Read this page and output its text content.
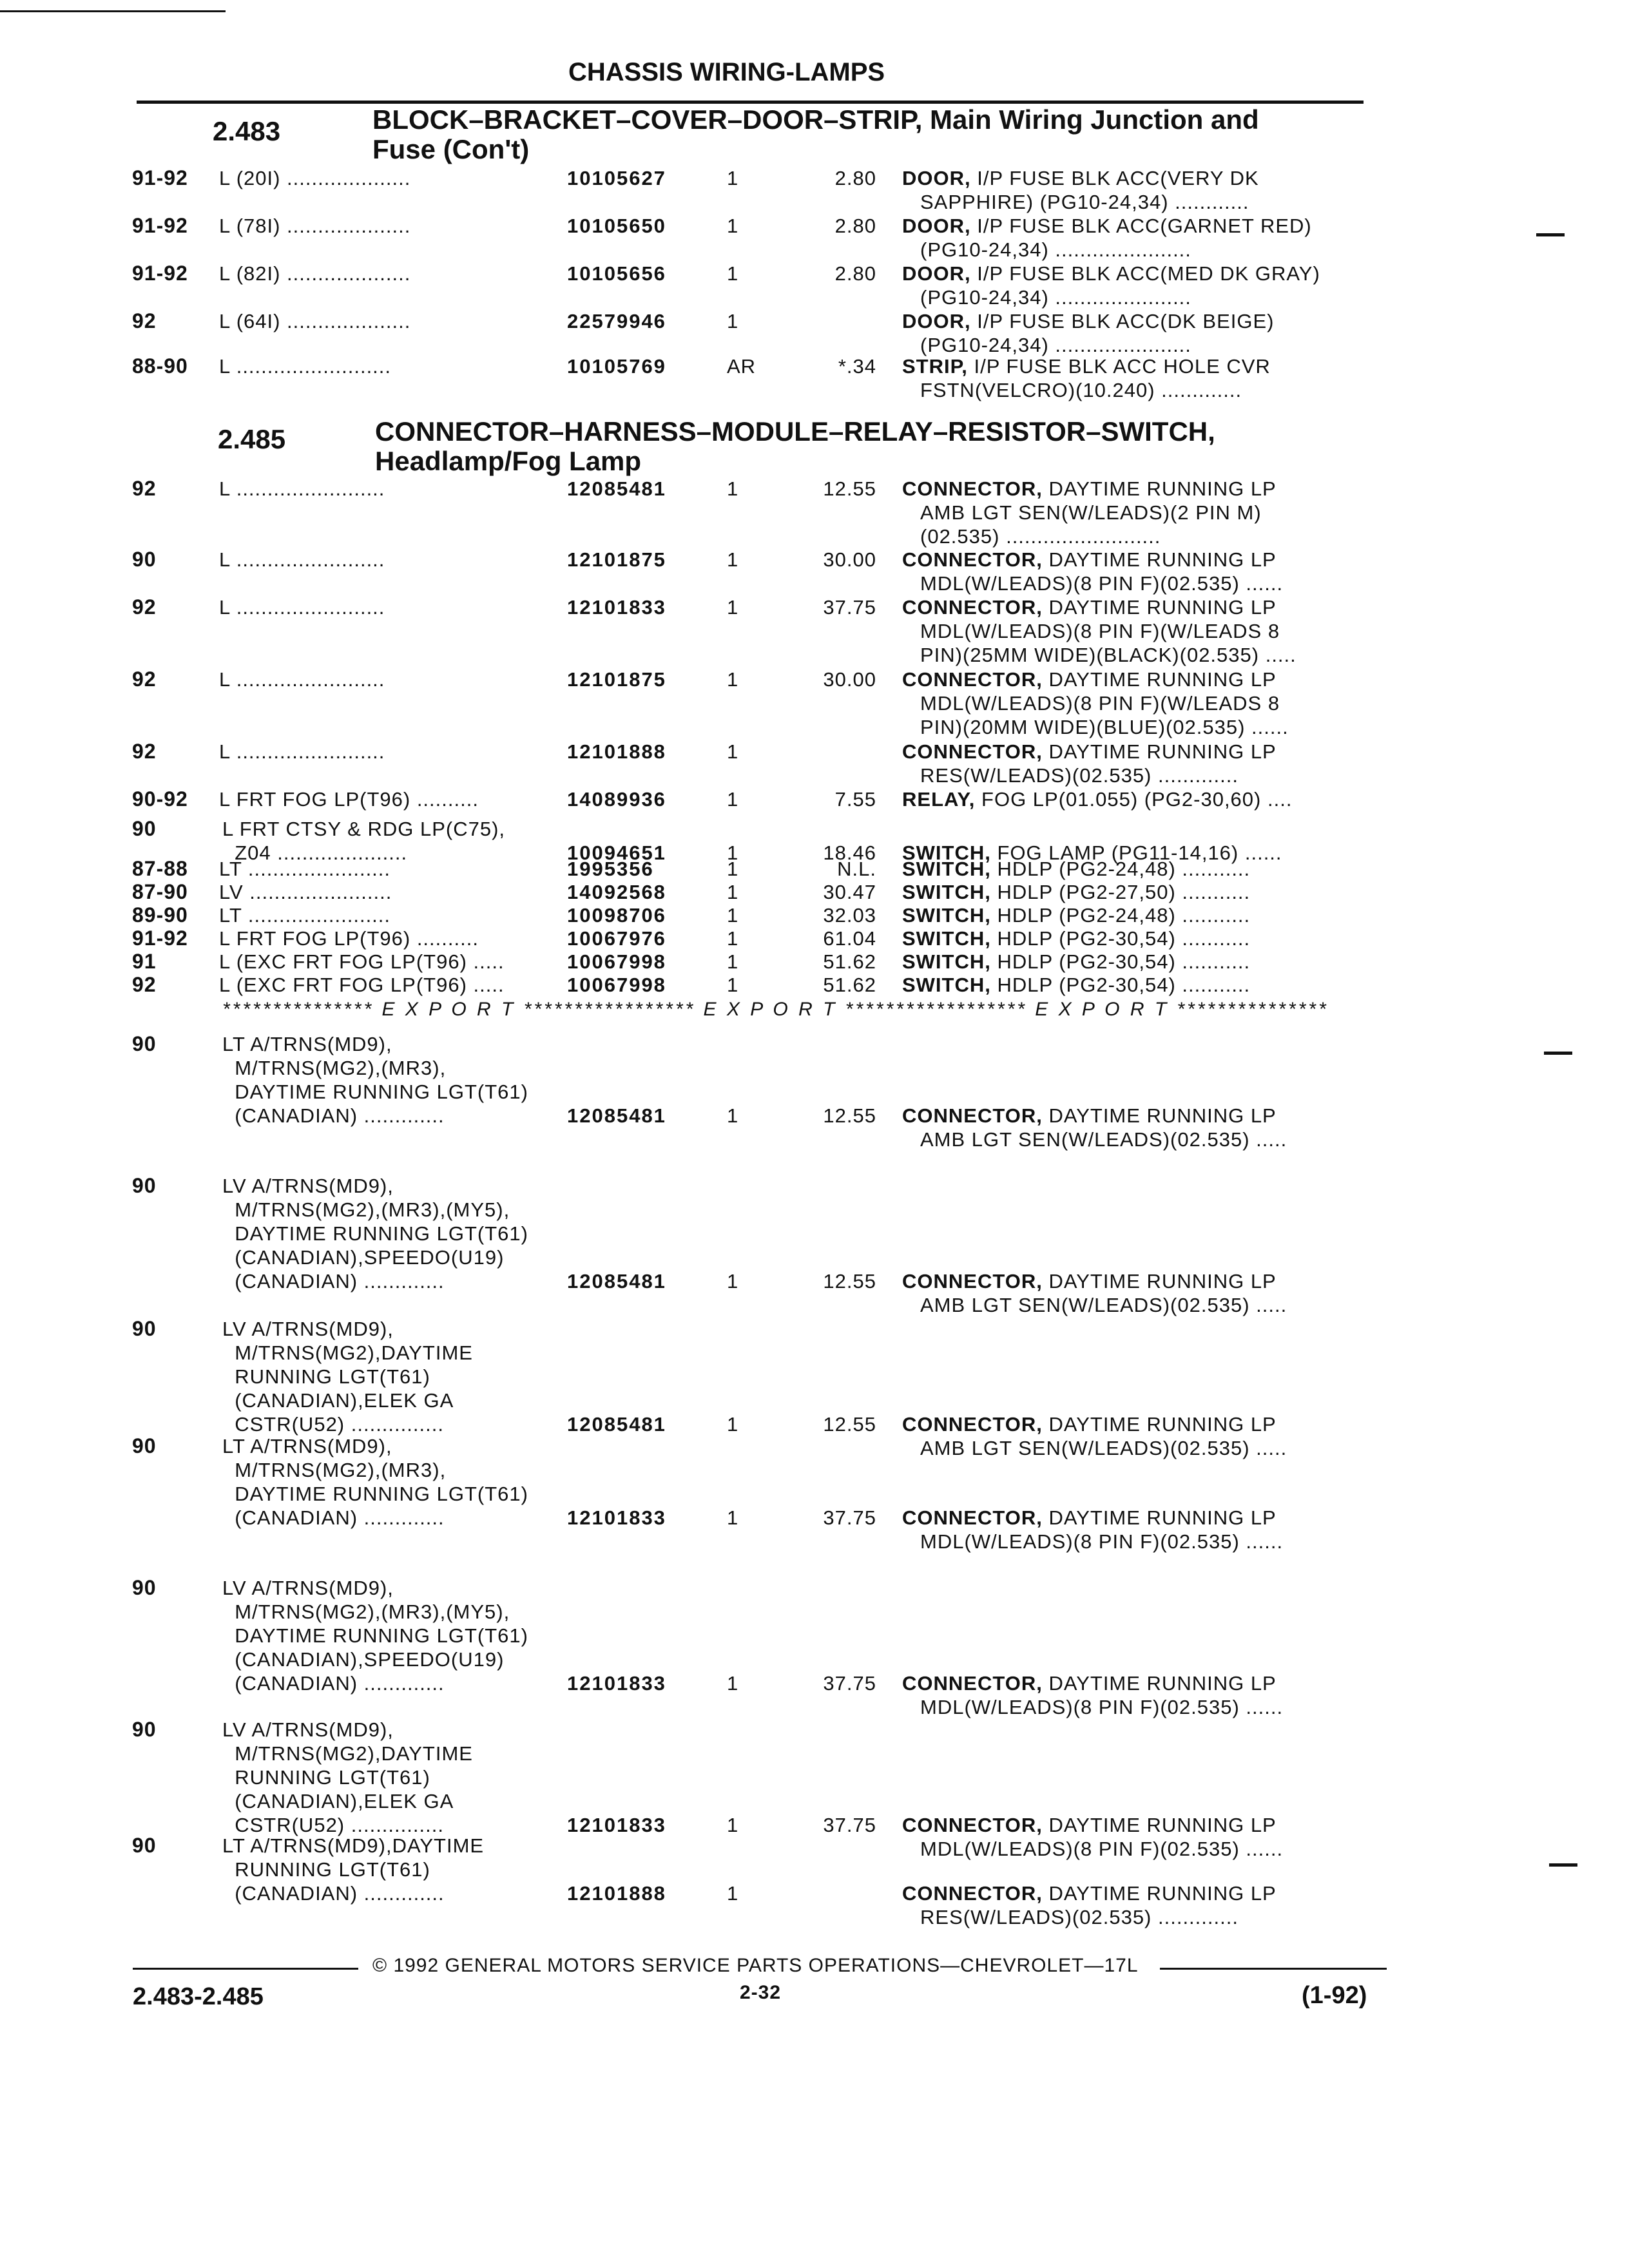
CHASSIS WIRING-LAMPS
2.483	BLOCK–BRACKET–COVER–DOOR–STRIP, Main Wiring Junction and
Fuse (Con't)
2.485	CONNECTOR–HARNESS–MODULE–RELAY–RESISTOR–SWITCH,
Headlamp/Fog Lamp
91-92 L (20I) ....................	10105627	1	2.80 DOOR, I/P FUSE BLK ACC(VERY DK
SAPPHIRE) (PG10-24,34) ............
91-92 L (78I) ....................	10105650	1	2.80 DOOR, I/P FUSE BLK ACC(GARNET RED)
(PG10-24,34) ......................
91-92 L (82I) ....................	10105656	1	2.80 DOOR, I/P FUSE BLK ACC(MED DK GRAY)
(PG10-24,34) ......................
92	L (64I) ....................	22579946	1	DOOR, I/P FUSE BLK ACC(DK BEIGE)
(PG10-24,34) ......................
88-90 L .........................	10105769	AR	*.34 STRIP, I/P FUSE BLK ACC HOLE CVR
FSTN(VELCRO)(10.240) .............
92	L ........................	12085481	1	12.55 CONNECTOR, DAYTIME RUNNING LP
AMB LGT SEN(W/LEADS)(2 PIN M)
(02.535) .........................
90	L ........................	12101875	1	30.00 CONNECTOR, DAYTIME RUNNING LP
MDL(W/LEADS)(8 PIN F)(02.535) ......
92	L ........................	12101833	1	37.75 CONNECTOR, DAYTIME RUNNING LP
MDL(W/LEADS)(8 PIN F)(W/LEADS 8
PIN)(25MM WIDE)(BLACK)(02.535) .....
92	L ........................	12101875	1	30.00 CONNECTOR, DAYTIME RUNNING LP
MDL(W/LEADS)(8 PIN F)(W/LEADS 8
PIN)(20MM WIDE)(BLUE)(02.535) ......
92	L ........................	12101888	1	CONNECTOR, DAYTIME RUNNING LP
RES(W/LEADS)(02.535) .............
90-92 L FRT FOG LP(T96) ..........	14089936	1	7.55 RELAY, FOG LP(01.055) (PG2-30,60) ....
90	L FRT CTSY & RDG LP(C75),
Z04 .....................	10094651	1	18.46 SWITCH, FOG LAMP (PG11-14,16) ......
87-88 LT .......................	1995356	1	N.L. SWITCH, HDLP (PG2-24,48) ...........
87-90 LV .......................	14092568	1	30.47 SWITCH, HDLP (PG2-27,50) ...........
89-90 LT .......................	10098706	1	32.03 SWITCH, HDLP (PG2-24,48) ...........
91-92 L FRT FOG LP(T96) ..........	10067976	1	61.04 SWITCH, HDLP (PG2-30,54) ...........
91	L (EXC FRT FOG LP(T96) .....	10067998	1	51.62 SWITCH, HDLP (PG2-30,54) ...........
92	L (EXC FRT FOG LP(T96) .....	10067998	1	51.62 SWITCH, HDLP (PG2-30,54) ...........
90	LT A/TRNS(MD9),
M/TRNS(MG2),(MR3),
DAYTIME RUNNING LGT(T61)
(CANADIAN) .............	12085481	1	12.55 CONNECTOR, DAYTIME RUNNING LP
AMB LGT SEN(W/LEADS)(02.535) .....
90	LV A/TRNS(MD9),
M/TRNS(MG2),(MR3),(MY5),
DAYTIME RUNNING LGT(T61)
(CANADIAN),SPEEDO(U19)
(CANADIAN) .............	12085481	1	12.55 CONNECTOR, DAYTIME RUNNING LP
AMB LGT SEN(W/LEADS)(02.535) .....
90	LV A/TRNS(MD9),
M/TRNS(MG2),DAYTIME
RUNNING LGT(T61)
(CANADIAN),ELEK GA
CSTR(U52) ...............	12085481	1	12.55 CONNECTOR, DAYTIME RUNNING LP
AMB LGT SEN(W/LEADS)(02.535) .....
90	LT A/TRNS(MD9),
M/TRNS(MG2),(MR3),
DAYTIME RUNNING LGT(T61)
(CANADIAN) .............	12101833	1	37.75 CONNECTOR, DAYTIME RUNNING LP
MDL(W/LEADS)(8 PIN F)(02.535) ......
90	LV A/TRNS(MD9),
M/TRNS(MG2),(MR3),(MY5),
DAYTIME RUNNING LGT(T61)
(CANADIAN),SPEEDO(U19)
(CANADIAN) .............	12101833	1	37.75 CONNECTOR, DAYTIME RUNNING LP
MDL(W/LEADS)(8 PIN F)(02.535) ......
90	LV A/TRNS(MD9),
M/TRNS(MG2),DAYTIME
RUNNING LGT(T61)
(CANADIAN),ELEK GA
CSTR(U52) ...............	12101833	1	37.75 CONNECTOR, DAYTIME RUNNING LP
MDL(W/LEADS)(8 PIN F)(02.535) ......
90	LT A/TRNS(MD9),DAYTIME
RUNNING LGT(T61)
(CANADIAN) .............	12101888	1	CONNECTOR, DAYTIME RUNNING LP
RES(W/LEADS)(02.535) .............
*************** E X P O R T ***************** E X P O R T ****************** E X P O R T ***************
© 1992 GENERAL MOTORS SERVICE PARTS OPERATIONS—CHEVROLET—17L
2.483-2.485	2-32	(1-92)
